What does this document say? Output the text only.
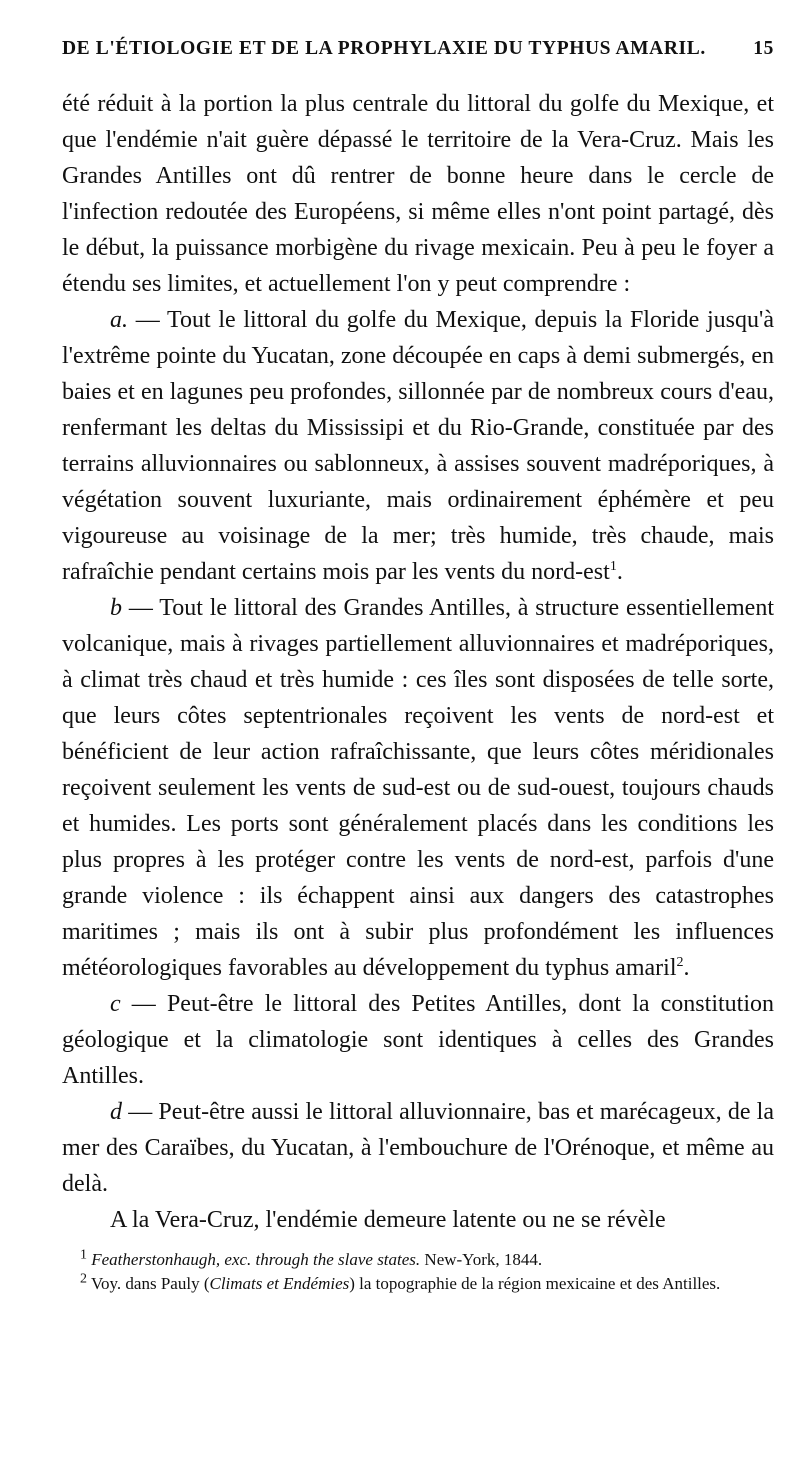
DE L'ÉTIOLOGIE ET DE LA PROPHYLAXIE DU TYPHUS AMARIL.	15

été réduit à la portion la plus centrale du littoral du golfe du Mexique, et que l'endémie n'ait guère dépassé le territoire de la Vera-Cruz. Mais les Grandes Antilles ont dû rentrer de bonne heure dans le cercle de l'infection redoutée des Européens, si même elles n'ont point partagé, dès le début, la puissance morbigène du rivage mexicain. Peu à peu le foyer a étendu ses limites, et actuellement l'on y peut comprendre :

a. — Tout le littoral du golfe du Mexique, depuis la Floride jusqu'à l'extrême pointe du Yucatan, zone découpée en caps à demi submergés, en baies et en lagunes peu profondes, sillonnée par de nombreux cours d'eau, renfermant les deltas du Mississipi et du Rio-Grande, constituée par des terrains alluvionnaires ou sablonneux, à assises souvent madréporiques, à végétation souvent luxuriante, mais ordinairement éphémère et peu vigoureuse au voisinage de la mer; très humide, très chaude, mais rafraîchie pendant certains mois par les vents du nord-est$^1$.

b — Tout le littoral des Grandes Antilles, à structure essentiellement volcanique, mais à rivages partiellement alluvionnaires et madréporiques, à climat très chaud et très humide : ces îles sont disposées de telle sorte, que leurs côtes septentrionales reçoivent les vents de nord-est et bénéficient de leur action rafraîchissante, que leurs côtes méridionales reçoivent seulement les vents de sud-est ou de sud-ouest, toujours chauds et humides. Les ports sont généralement placés dans les conditions les plus propres à les protéger contre les vents de nord-est, parfois d'une grande violence : ils échappent ainsi aux dangers des catastrophes maritimes ; mais ils ont à subir plus profondément les influences météorologiques favorables au développement du typhus amaril$^2$.

c — Peut-être le littoral des Petites Antilles, dont la constitution géologique et la climatologie sont identiques à celles des Grandes Antilles.

d — Peut-être aussi le littoral alluvionnaire, bas et marécageux, de la mer des Caraïbes, du Yucatan, à l'embouchure de l'Orénoque, et même au delà.

A la Vera-Cruz, l'endémie demeure latente ou ne se révèle

$^1$ Featherstonhaugh, exc. through the slave states. New-York, 1844.

$^2$ Voy. dans Pauly (Climats et Endémies) la topographie de la région mexicaine et des Antilles.
